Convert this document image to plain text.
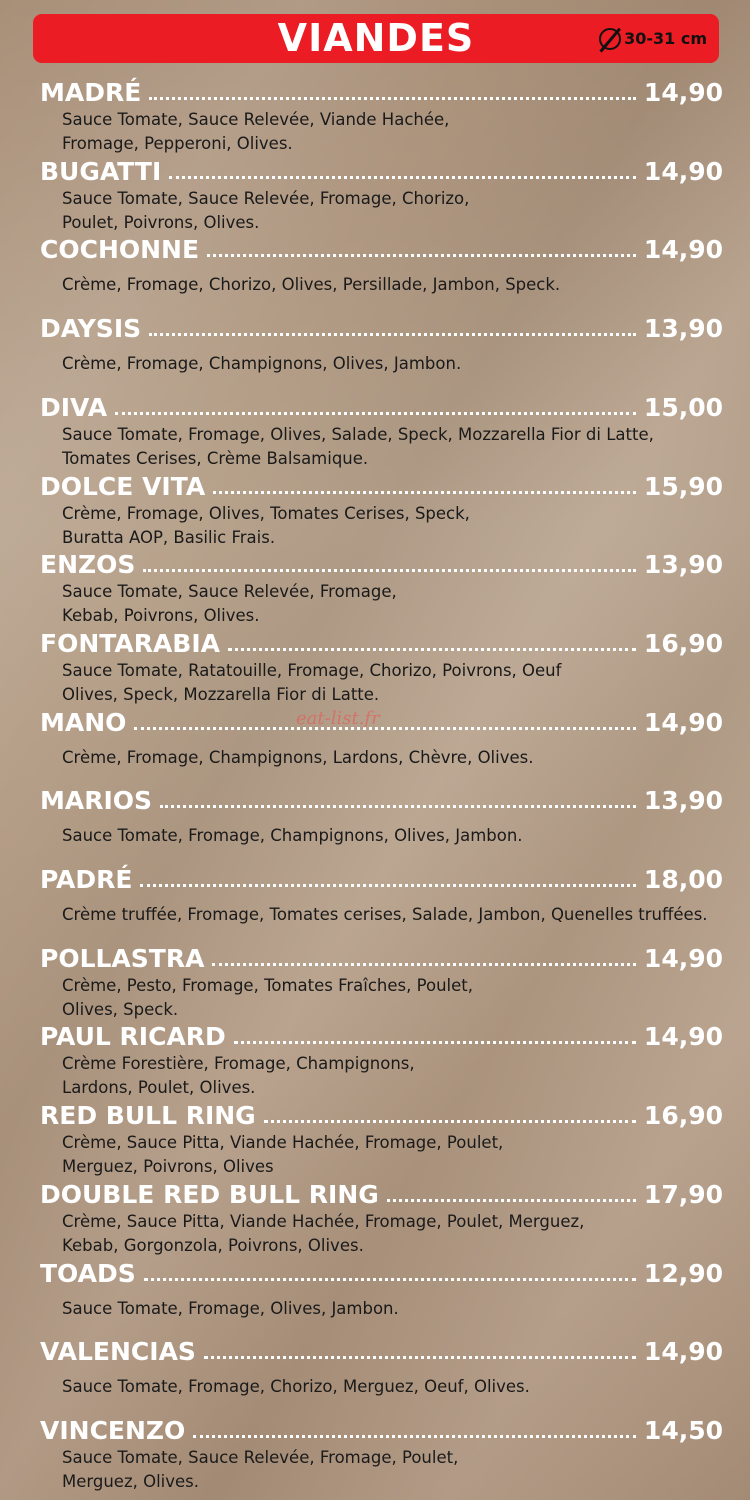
VIANDES	30-31 cm
MADRÉ	14,90
Sauce Tomate, Sauce Relevée, Viande Hachée,
Fromage, Pepperoni, Olives.
BUGATTI	14,90
Sauce Tomate, Sauce Relevée, Fromage, Chorizo,
Poulet, Poivrons, Olives.
COCHONNE	14,90
Crème, Fromage, Chorizo, Olives, Persillade, Jambon, Speck.
DAYSIS	13,90
Crème, Fromage, Champignons, Olives, Jambon.
DIVA	15,00
Sauce Tomate, Fromage, Olives, Salade, Speck, Mozzarella Fior di Latte,
Tomates Cerises, Crème Balsamique.
DOLCE VITA	15,90
Crème, Fromage, Olives, Tomates Cerises, Speck,
Buratta AOP, Basilic Frais.
ENZOS	13,90
Sauce Tomate, Sauce Relevée, Fromage,
Kebab, Poivrons, Olives.
FONTARABIA	16,90
Sauce Tomate, Ratatouille, Fromage, Chorizo, Poivrons, Oeuf
Olives, Speck, Mozzarella Fior di Latte.
MANO	14,90
Crème, Fromage, Champignons, Lardons, Chèvre, Olives.
MARIOS	13,90
Sauce Tomate, Fromage, Champignons, Olives, Jambon.
PADRÉ	18,00
Crème truffée, Fromage, Tomates cerises, Salade, Jambon, Quenelles truffées.
POLLASTRA	14,90
Crème, Pesto, Fromage, Tomates Fraîches, Poulet,
Olives, Speck.
PAUL RICARD	14,90
Crème Forestière, Fromage, Champignons,
Lardons, Poulet, Olives.
RED BULL RING	16,90
Crème, Sauce Pitta, Viande Hachée, Fromage, Poulet,
Merguez, Poivrons, Olives
DOUBLE RED BULL RING	17,90
Crème, Sauce Pitta, Viande Hachée, Fromage, Poulet, Merguez,
Kebab, Gorgonzola, Poivrons, Olives.
TOADS	12,90
Sauce Tomate, Fromage, Olives, Jambon.
VALENCIAS	14,90
Sauce Tomate, Fromage, Chorizo, Merguez, Oeuf, Olives.
VINCENZO	14,50
Sauce Tomate, Sauce Relevée, Fromage, Poulet,
Merguez, Olives.
eat-list.fr
